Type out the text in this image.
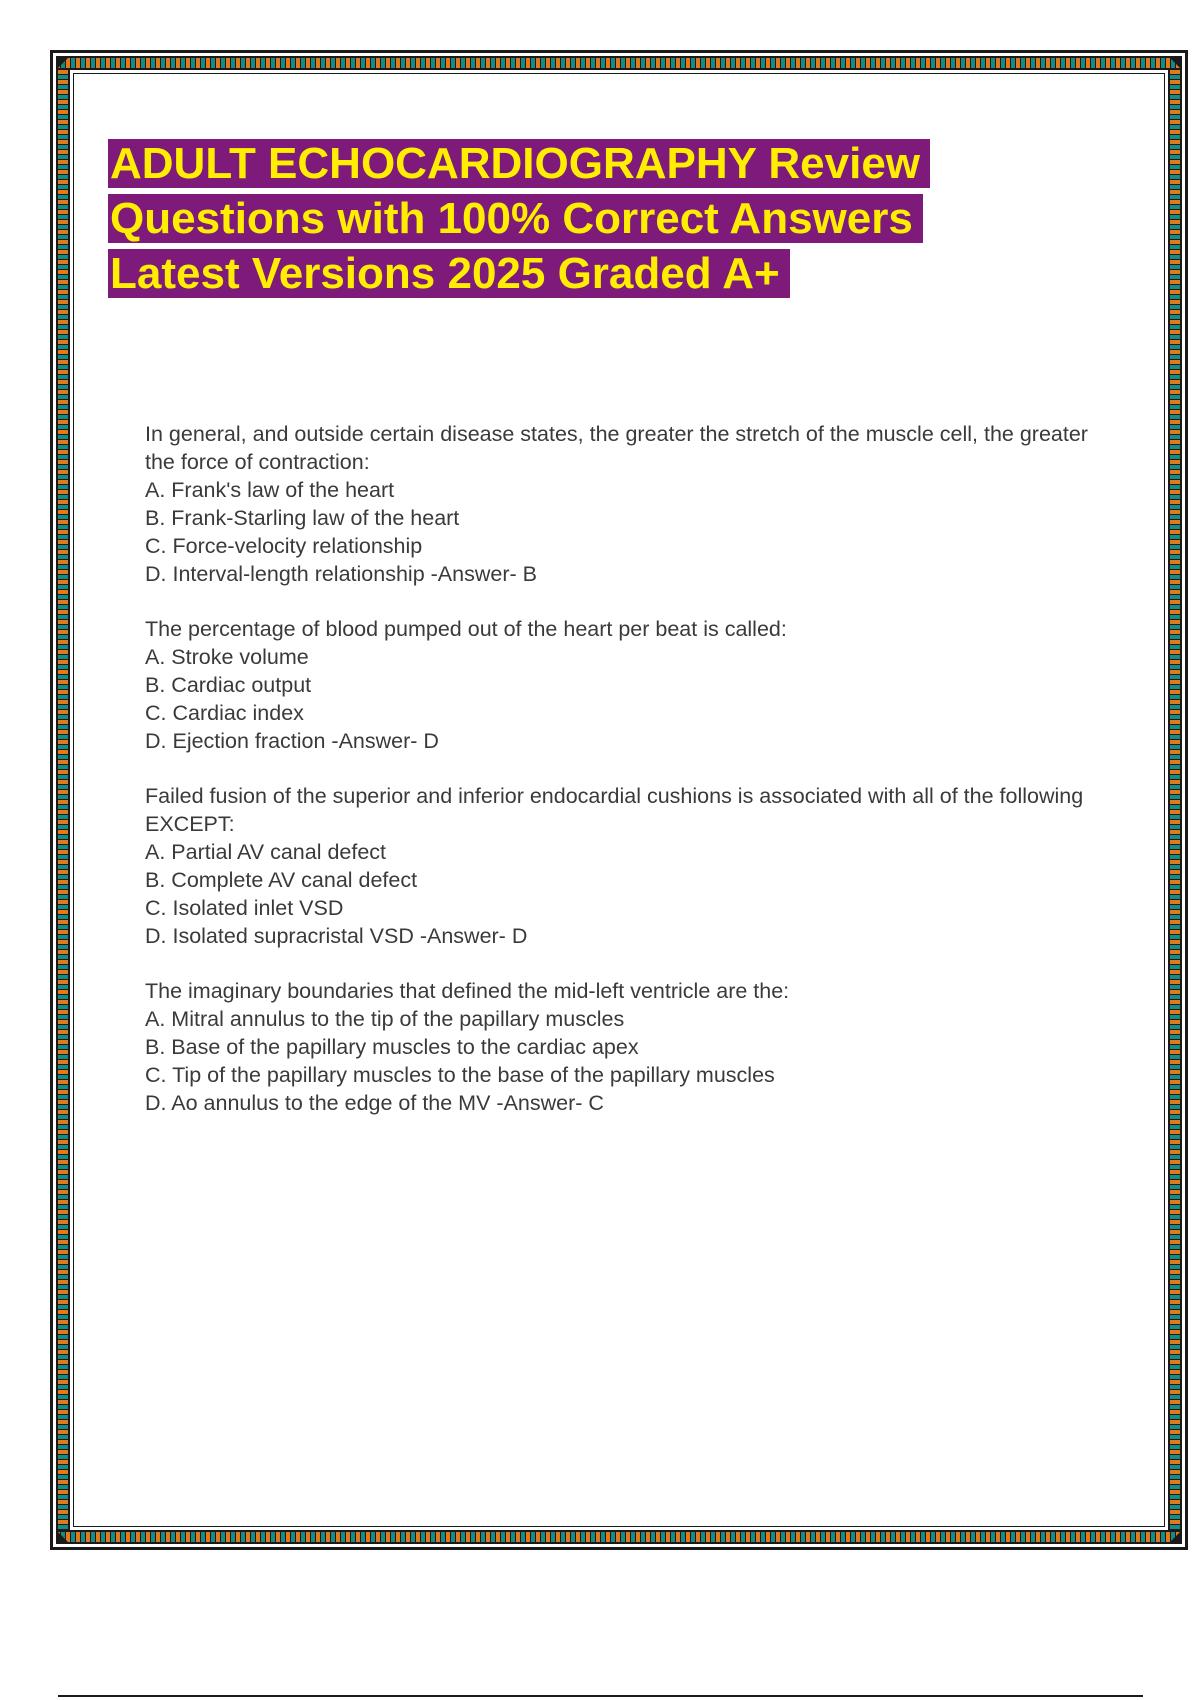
ADULT ECHOCARDIOGRAPHY Review
Questions with 100% Correct Answers
Latest Versions 2025 Graded A+
In general, and outside certain disease states, the greater the stretch of the muscle cell, the greater the force of contraction:
A. Frank's law of the heart
B. Frank-Starling law of the heart
C. Force-velocity relationship
D. Interval-length relationship -Answer- B
The percentage of blood pumped out of the heart per beat is called:
A. Stroke volume
B. Cardiac output
C. Cardiac index
D. Ejection fraction -Answer- D
Failed fusion of the superior and inferior endocardial cushions is associated with all of the following EXCEPT:
A. Partial AV canal defect
B. Complete AV canal defect
C. Isolated inlet VSD
D. Isolated supracristal VSD -Answer- D
The imaginary boundaries that defined the mid-left ventricle are the:
A. Mitral annulus to the tip of the papillary muscles
B. Base of the papillary muscles to the cardiac apex
C. Tip of the papillary muscles to the base of the papillary muscles
D. Ao annulus to the edge of the MV -Answer- C
